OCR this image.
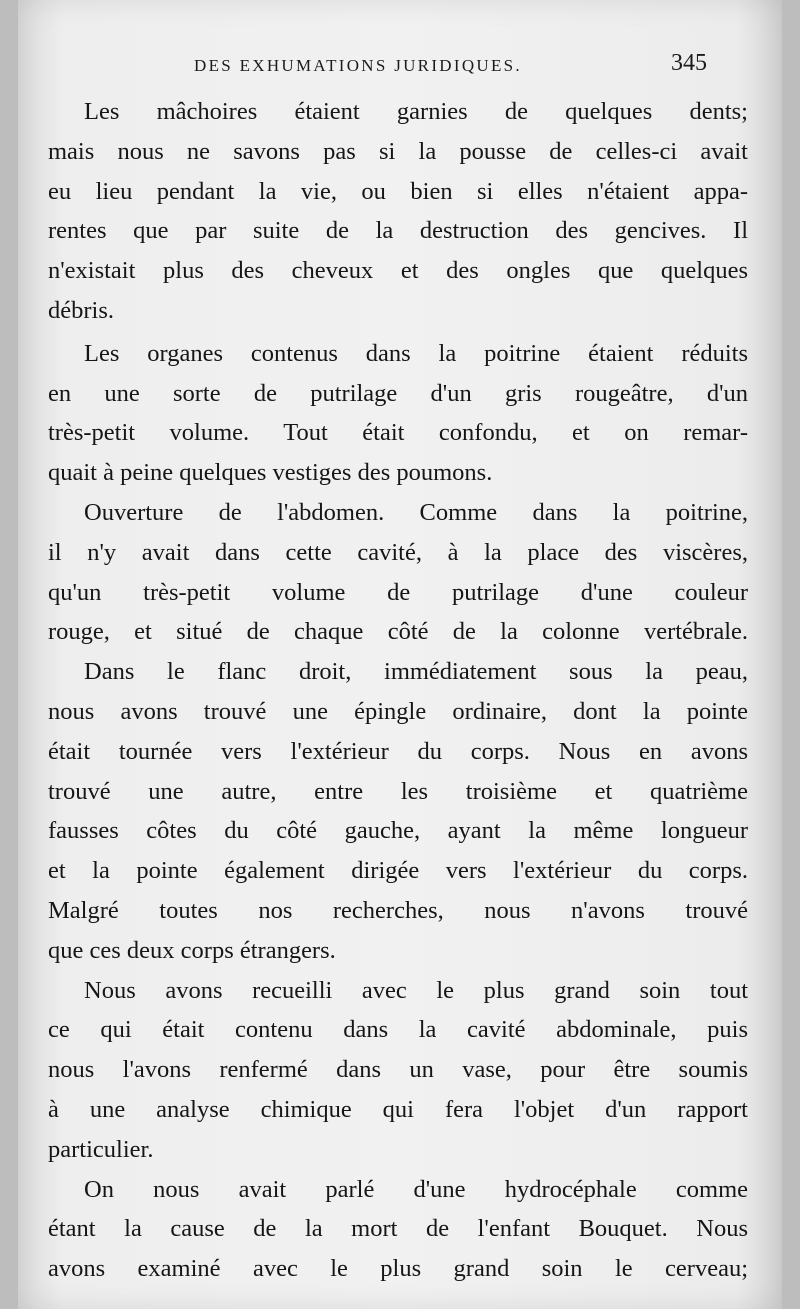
DES EXHUMATIONS JURIDIQUES.	345
Les mâchoires étaient garnies de quelques dents;
mais nous ne savons pas si la pousse de celles-ci avait
eu lieu pendant la vie, ou bien si elles n'étaient appa-
rentes que par suite de la destruction des gencives. Il
n'existait plus des cheveux et des ongles que quelques
débris.
Les organes contenus dans la poitrine étaient réduits
en une sorte de putrilage d'un gris rougeâtre, d'un
très-petit volume. Tout était confondu, et on remar-
quait à peine quelques vestiges des poumons.
Ouverture de l'abdomen. Comme dans la poitrine,
il n'y avait dans cette cavité, à la place des viscères,
qu'un très-petit volume de putrilage d'une couleur
rouge, et situé de chaque côté de la colonne vertébrale.
Dans le flanc droit, immédiatement sous la peau,
nous avons trouvé une épingle ordinaire, dont la pointe
était tournée vers l'extérieur du corps. Nous en avons
trouvé une autre, entre les troisième et quatrième
fausses côtes du côté gauche, ayant la même longueur
et la pointe également dirigée vers l'extérieur du corps.
Malgré toutes nos recherches, nous n'avons trouvé
que ces deux corps étrangers.
Nous avons recueilli avec le plus grand soin tout
ce qui était contenu dans la cavité abdominale, puis
nous l'avons renfermé dans un vase, pour être soumis
à une analyse chimique qui fera l'objet d'un rapport
particulier.
On nous avait parlé d'une hydrocéphale comme
étant la cause de la mort de l'enfant Bouquet. Nous
avons examiné avec le plus grand soin le cerveau;
